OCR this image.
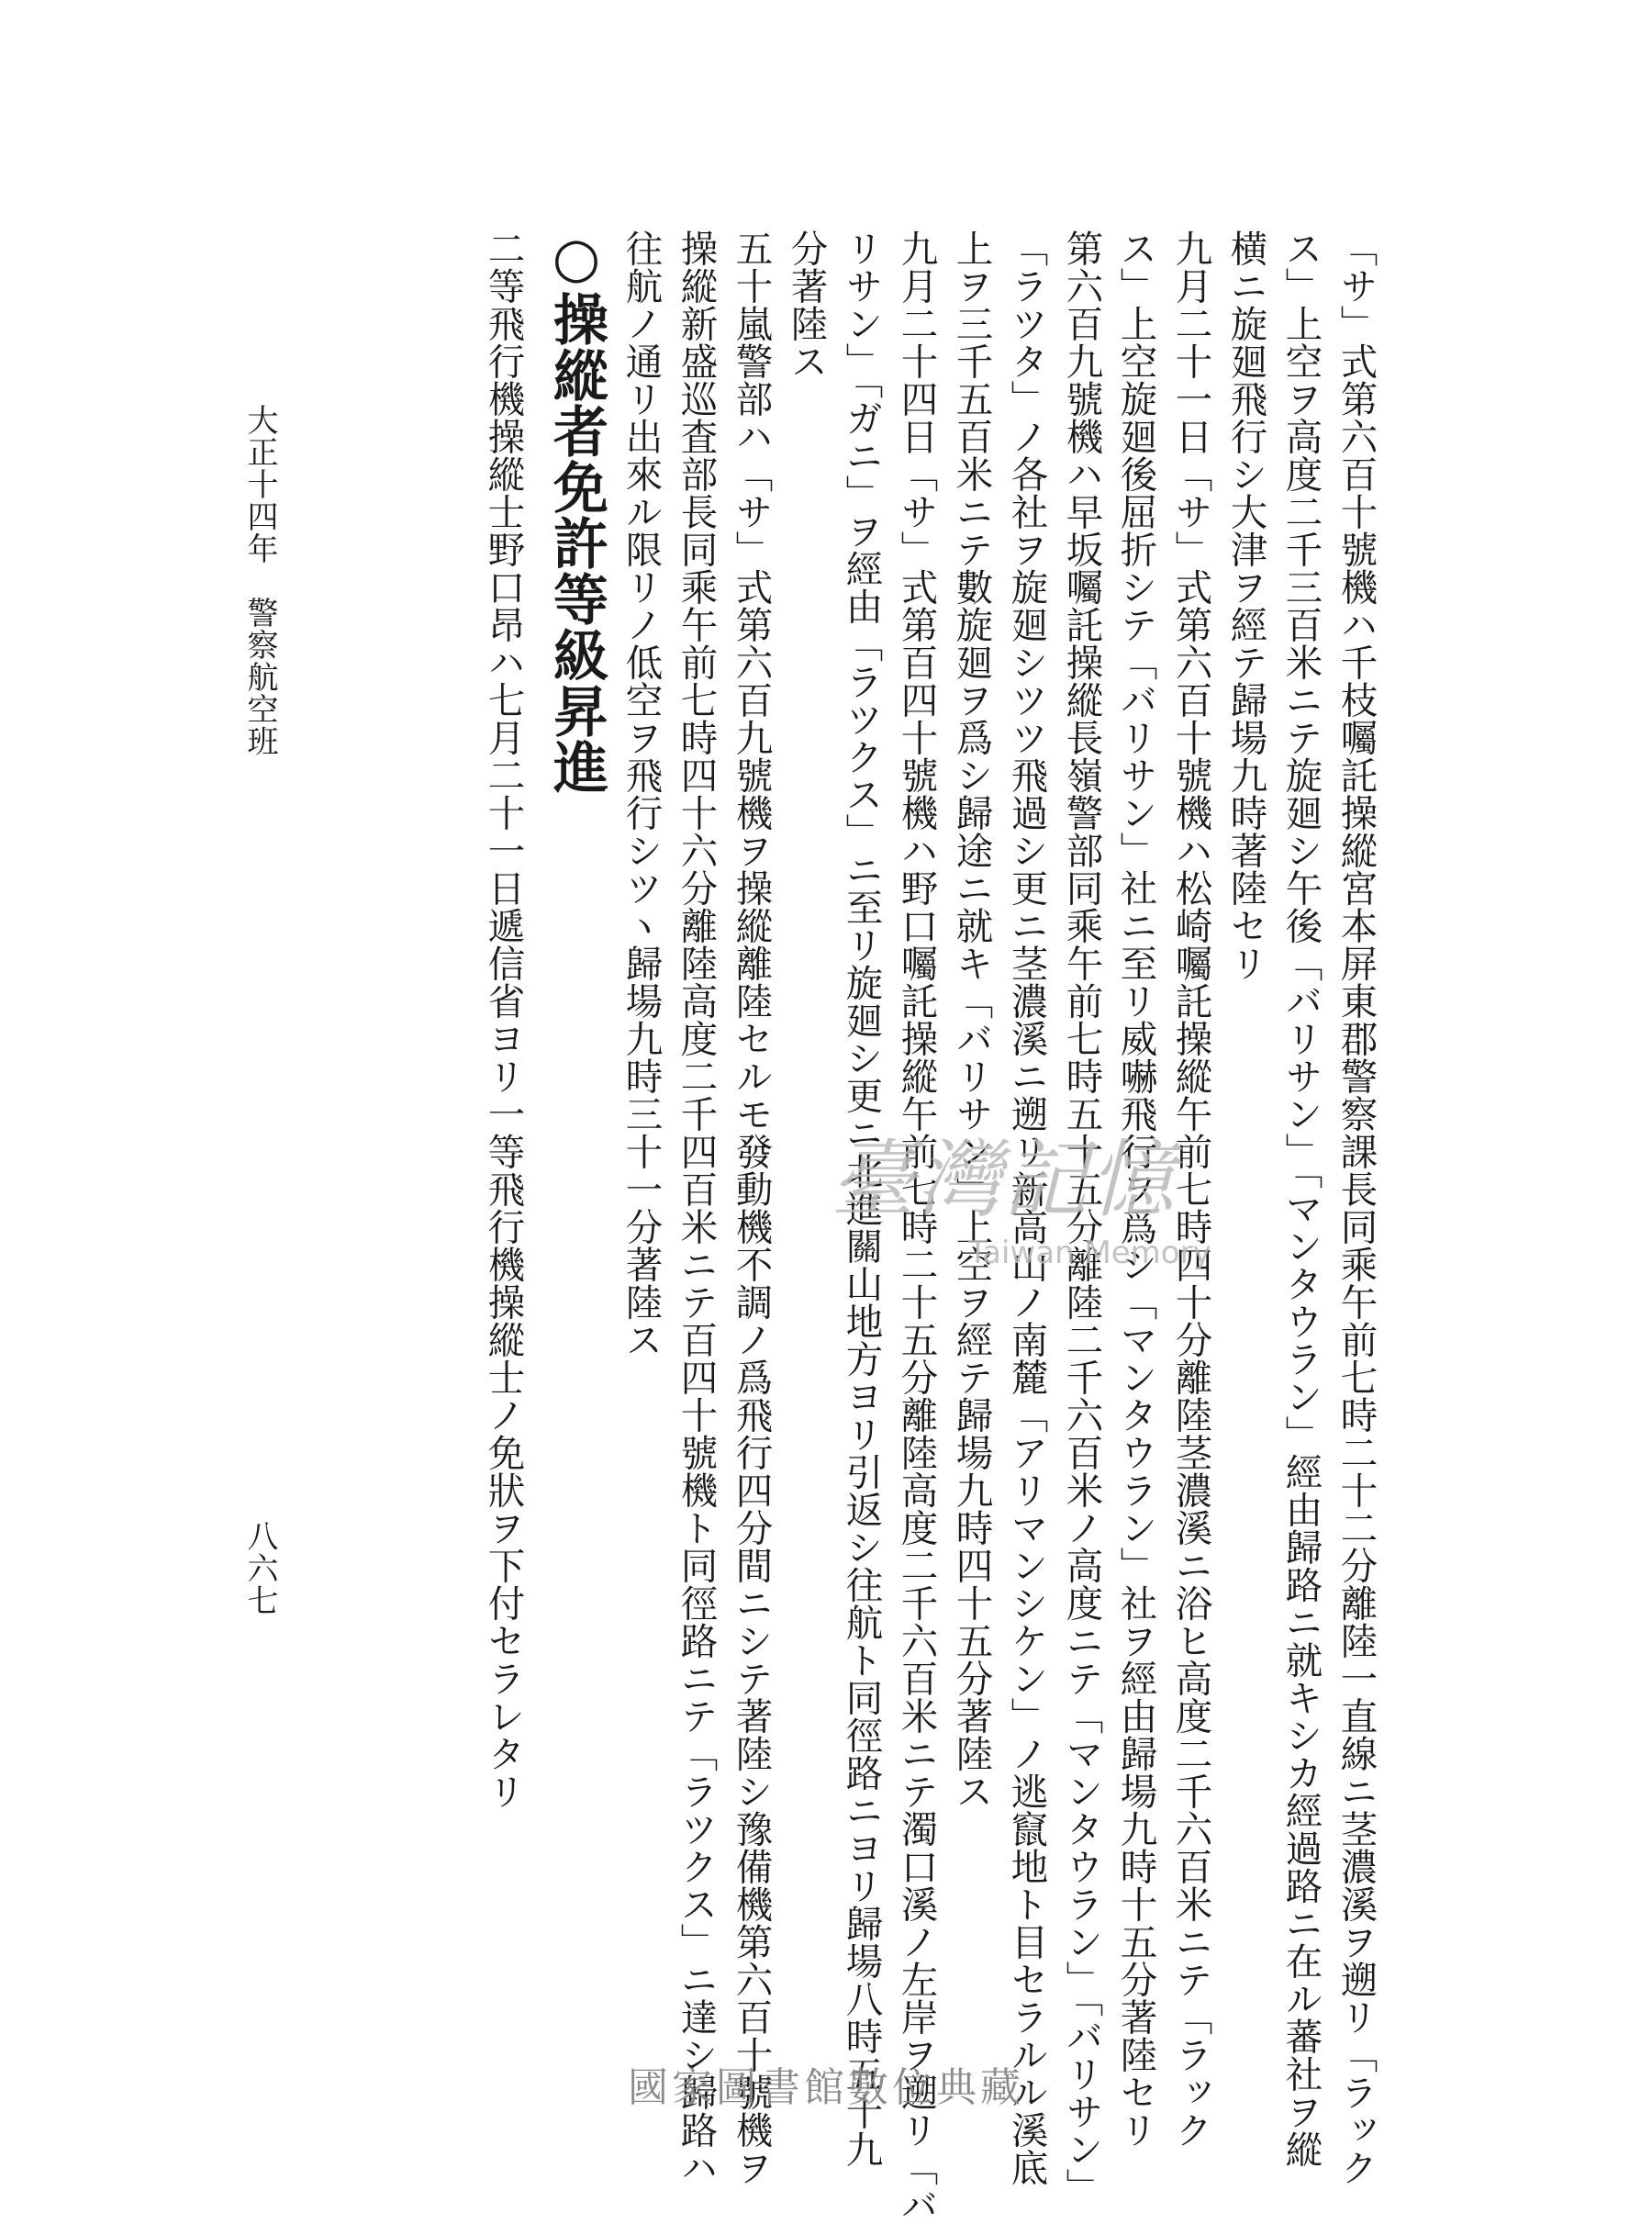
「サ」式第六百十號機ハ千枝囑託操縱宮本屏東郡警察課長同乘午前七時二十二分離陸一直線ニ茎濃溪ヲ遡リ「ラック

ス」上空ヲ高度二千三百米ニテ旋廻シ午後「バリサン」「マンタウラン」經由歸路ニ就キシカ經過路ニ在ル蕃社ヲ縱

横ニ旋廻飛行シ大津ヲ經テ歸場九時著陸セリ

九月二十一日「サ」式第六百十號機ハ松崎囑託操縱午前七時四十分離陸茎濃溪ニ浴ヒ高度二千六百米ニテ「ラック

ス」上空旋廻後屈折シテ「バリサン」社ニ至リ威嚇飛行ヲ爲シ「マンタウラン」社ヲ經由歸場九時十五分著陸セリ

第六百九號機ハ早坂囑託操縱長嶺警部同乘午前七時五十五分離陸二千六百米ノ高度ニテ「マンタウラン」「バリサン」

「ラツタ」ノ各社ヲ旋廻シツツ飛過シ更ニ茎濃溪ニ遡リ新高山ノ南麓「アリマンシケン」ノ逃竄地ト目セラルル溪底

上ヲ三千五百米ニテ數旋廻ヲ爲シ歸途ニ就キ「バリサン」上空ヲ經テ歸場九時四十五分著陸ス

九月二十四日「サ」式第百四十號機ハ野口囑託操縱午前七時二十五分離陸高度二千六百米ニテ濁口溪ノ左岸ヲ遡リ「バ

リサン」「ガニ」ヲ經由「ラツクス」ニ至リ旋廻シ更ニ北進關山地方ヨリ引返シ往航ト同徑路ニヨリ歸場八時五十九

分著陸ス

五十嵐警部ハ「サ」式第六百九號機ヲ操縱離陸セルモ發動機不調ノ爲飛行四分間ニシテ著陸シ豫備機第六百十號機ヲ

操縱新盛巡査部長同乘午前七時四十六分離陸高度二千四百米ニテ百四十號機ト同徑路ニテ「ラツクス」ニ達シ歸路ハ

往航ノ通リ出來ル限リノ低空ヲ飛行シツヽ歸場九時三十一分著陸ス

○操縱者免許等級昇進

二等飛行機操縱士野口昂ハ七月二十一日遞信省ヨリ一等飛行機操縱士ノ免狀ヲ下付セラレタリ

大正十四年　警察航空班

八六七

臺灣記憶
Taiwan Memory
國家圖書館數位典藏
